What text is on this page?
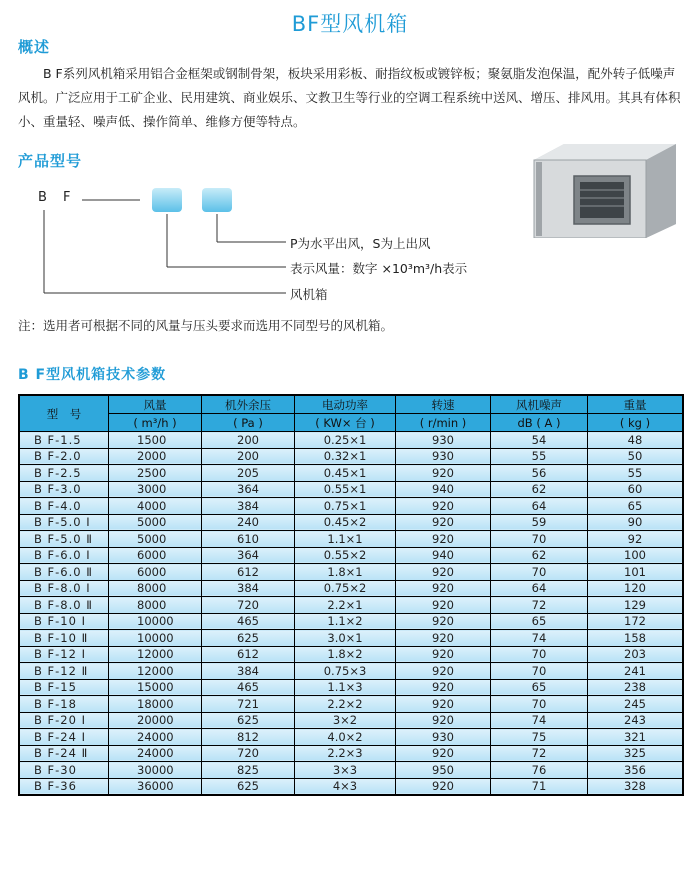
BF型风机箱
概述
B F系列风机箱采用铝合金框架或钢制骨架，板块采用彩板、耐指纹板或镀锌板；聚氨脂发泡保温，配外转子低噪声风机。广泛应用于工矿企业、民用建筑、商业娱乐、文教卫生等行业的空调工程系统中送风、增压、排风用。其具有体积小、重量轻、噪声低、操作简单、维修方便等特点。
产品型号
B F
P为水平出风，S为上出风
表示风量：数字 ×10³m³/h表示
风机箱
注：选用者可根据不同的风量与压头要求而选用不同型号的风机箱。
B F型风机箱技术参数
型　号	风量	机外余压	电动功率	转速	风机噪声	重量
	( m³/h )	( Pa )	( KW× 台 )	( r/min )	dB ( A )	( kg )
B F-1.5	1500	200	0.25×1	930	54	48
B F-2.0	2000	200	0.32×1	930	55	50
B F-2.5	2500	205	0.45×1	920	56	55
B F-3.0	3000	364	0.55×1	940	62	60
B F-4.0	4000	384	0.75×1	920	64	65
B F-5.0 Ⅰ	5000	240	0.45×2	920	59	90
B F-5.0 Ⅱ	5000	610	1.1×1	920	70	92
B F-6.0 Ⅰ	6000	364	0.55×2	940	62	100
B F-6.0 Ⅱ	6000	612	1.8×1	920	70	101
B F-8.0 Ⅰ	8000	384	0.75×2	920	64	120
B F-8.0 Ⅱ	8000	720	2.2×1	920	72	129
B F-10 Ⅰ	10000	465	1.1×2	920	65	172
B F-10 Ⅱ	10000	625	3.0×1	920	74	158
B F-12 Ⅰ	12000	612	1.8×2	920	70	203
B F-12 Ⅱ	12000	384	0.75×3	920	70	241
B F-15	15000	465	1.1×3	920	65	238
B F-18	18000	721	2.2×2	920	70	245
B F-20 Ⅰ	20000	625	3×2	920	74	243
B F-24 Ⅰ	24000	812	4.0×2	930	75	321
B F-24 Ⅱ	24000	720	2.2×3	920	72	325
B F-30	30000	825	3×3	950	76	356
B F-36	36000	625	4×3	920	71	328
